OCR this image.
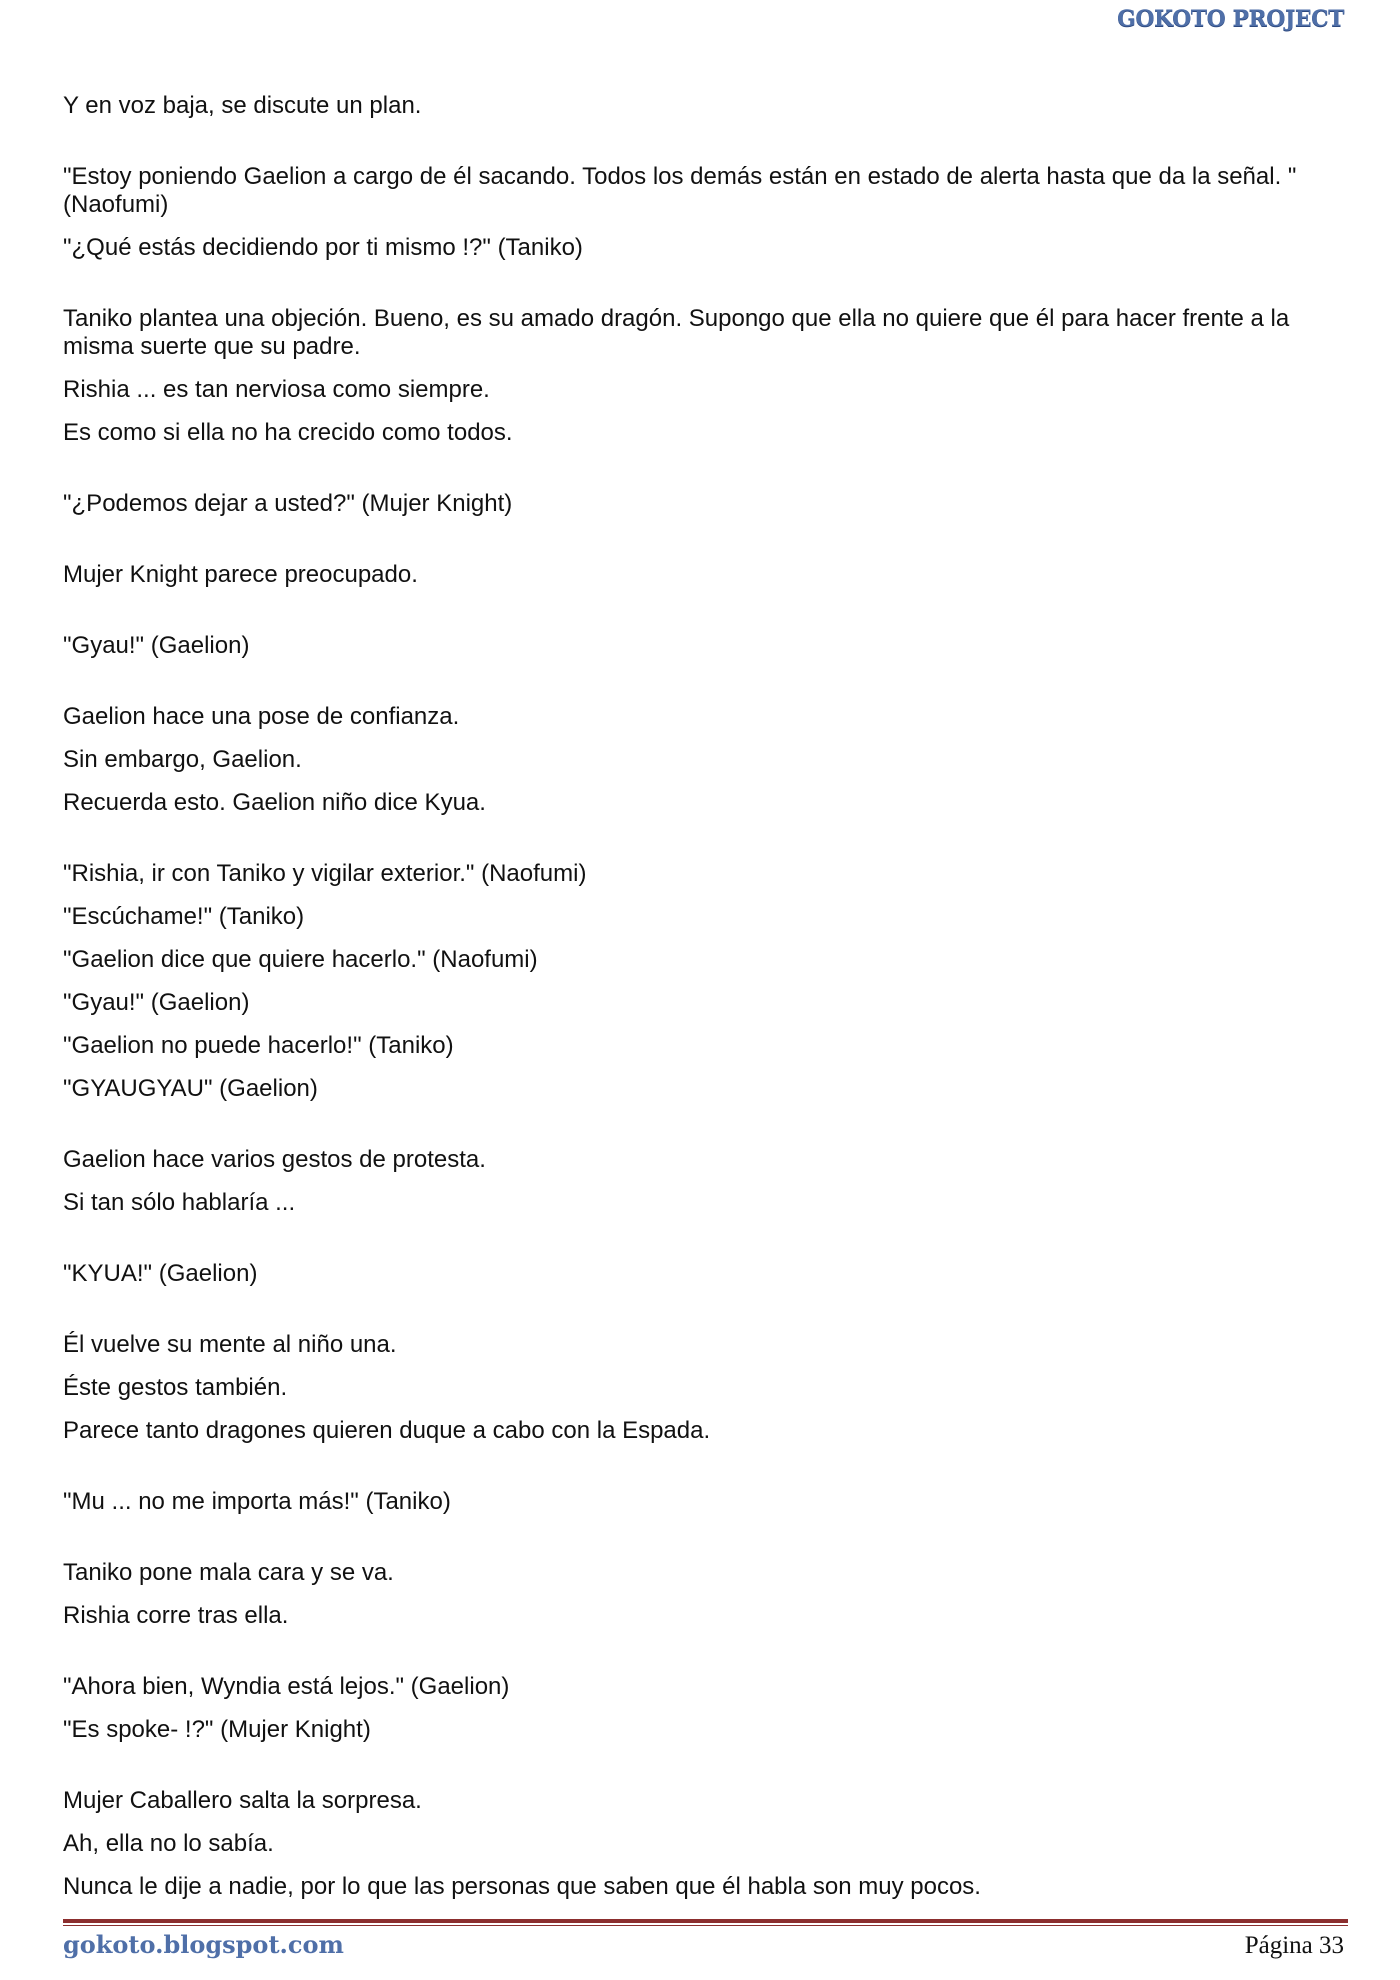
GOKOTO PROJECT
Y en voz baja, se discute un plan.
"Estoy poniendo Gaelion a cargo de él sacando. Todos los demás están en estado de alerta hasta que da la señal. "(Naofumi)
"¿Qué estás decidiendo por ti mismo !?" (Taniko)
Taniko plantea una objeción. Bueno, es su amado dragón. Supongo que ella no quiere que él para hacer frente a la misma suerte que su padre.
Rishia ... es tan nerviosa como siempre.
Es como si ella no ha crecido como todos.
"¿Podemos dejar a usted?" (Mujer Knight)
Mujer Knight parece preocupado.
"Gyau!" (Gaelion)
Gaelion hace una pose de confianza.
Sin embargo, Gaelion.
Recuerda esto. Gaelion niño dice Kyua.
"Rishia, ir con Taniko y vigilar exterior." (Naofumi)
"Escúchame!" (Taniko)
"Gaelion dice que quiere hacerlo." (Naofumi)
"Gyau!" (Gaelion)
"Gaelion no puede hacerlo!" (Taniko)
"GYAUGYAU" (Gaelion)
Gaelion hace varios gestos de protesta.
Si tan sólo hablaría ...
"KYUA!" (Gaelion)
Él vuelve su mente al niño una.
Éste gestos también.
Parece tanto dragones quieren duque a cabo con la Espada.
"Mu ... no me importa más!" (Taniko)
Taniko pone mala cara y se va.
Rishia corre tras ella.
"Ahora bien, Wyndia está lejos." (Gaelion)
"Es spoke- !?" (Mujer Knight)
Mujer Caballero salta la sorpresa.
Ah, ella no lo sabía.
Nunca le dije a nadie, por lo que las personas que saben que él habla son muy pocos.
gokoto.blogspot.com	Página 33
